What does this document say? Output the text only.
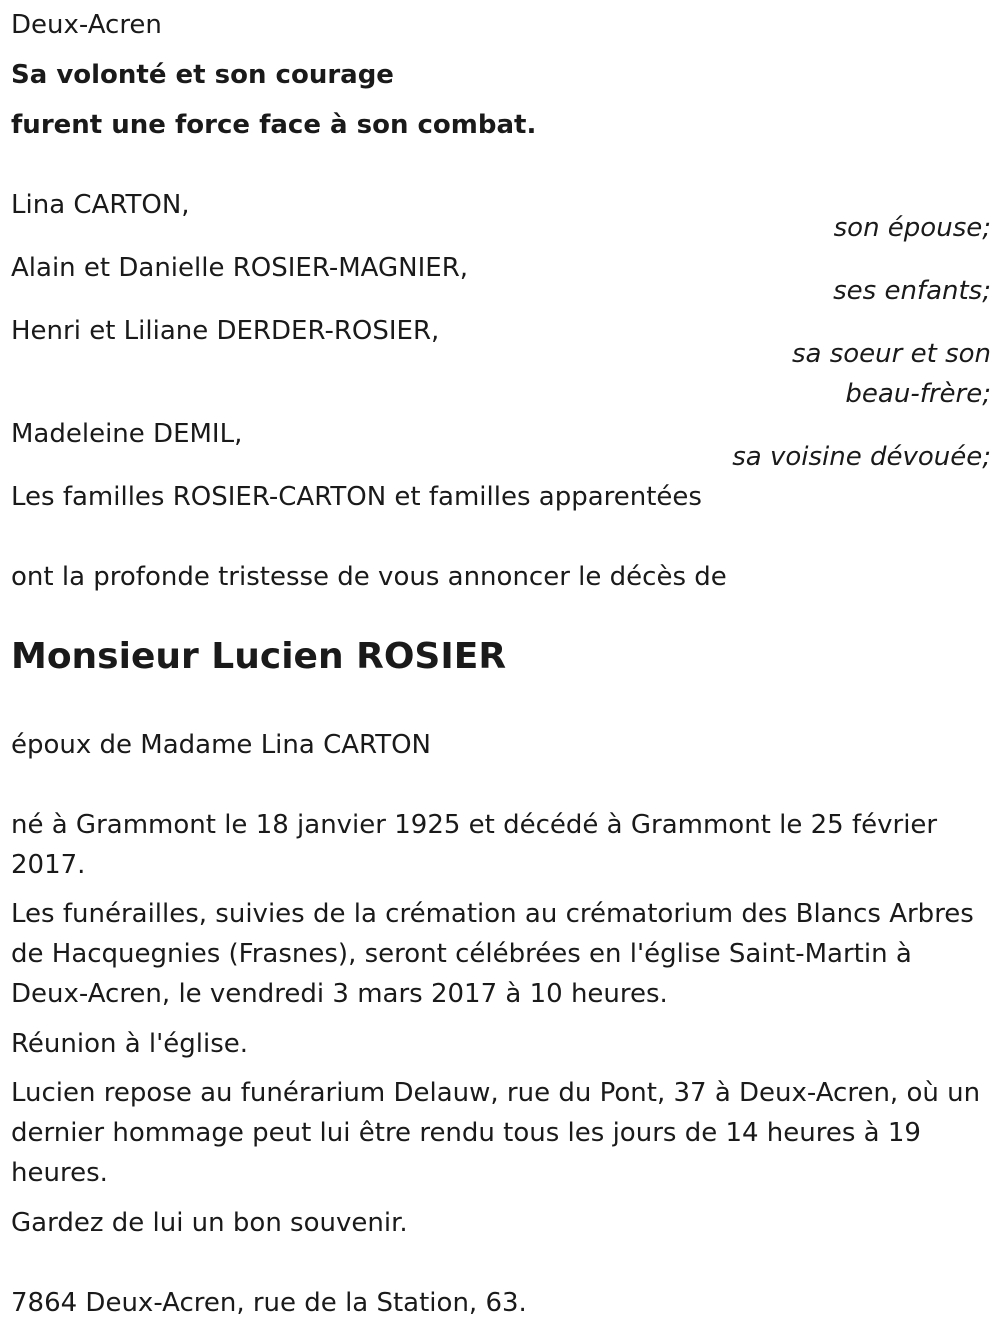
Deux-Acren
Sa volonté et son courage
furent une force face à son combat.
Lina CARTON,
son épouse;
Alain et Danielle ROSIER-MAGNIER,
ses enfants;
Henri et Liliane DERDER-ROSIER,
sa soeur et son
beau-frère;
Madeleine DEMIL,
sa voisine dévouée;
Les familles ROSIER-CARTON et familles apparentées
ont la profonde tristesse de vous annoncer le décès de
Monsieur Lucien ROSIER
époux de Madame Lina CARTON
né à Grammont le 18 janvier 1925 et décédé à Grammont le 25 février 2017.
Les funérailles, suivies de la crémation au crématorium des Blancs Arbres de Hacquegnies (Frasnes), seront célébrées en l'église Saint-Martin à Deux-Acren, le vendredi 3 mars 2017 à 10 heures.
Réunion à l'église.
Lucien repose au funérarium Delauw, rue du Pont, 37 à Deux-Acren, où un dernier hommage peut lui être rendu tous les jours de 14 heures à 19 heures.
Gardez de lui un bon souvenir.
7864 Deux-Acren, rue de la Station, 63.
